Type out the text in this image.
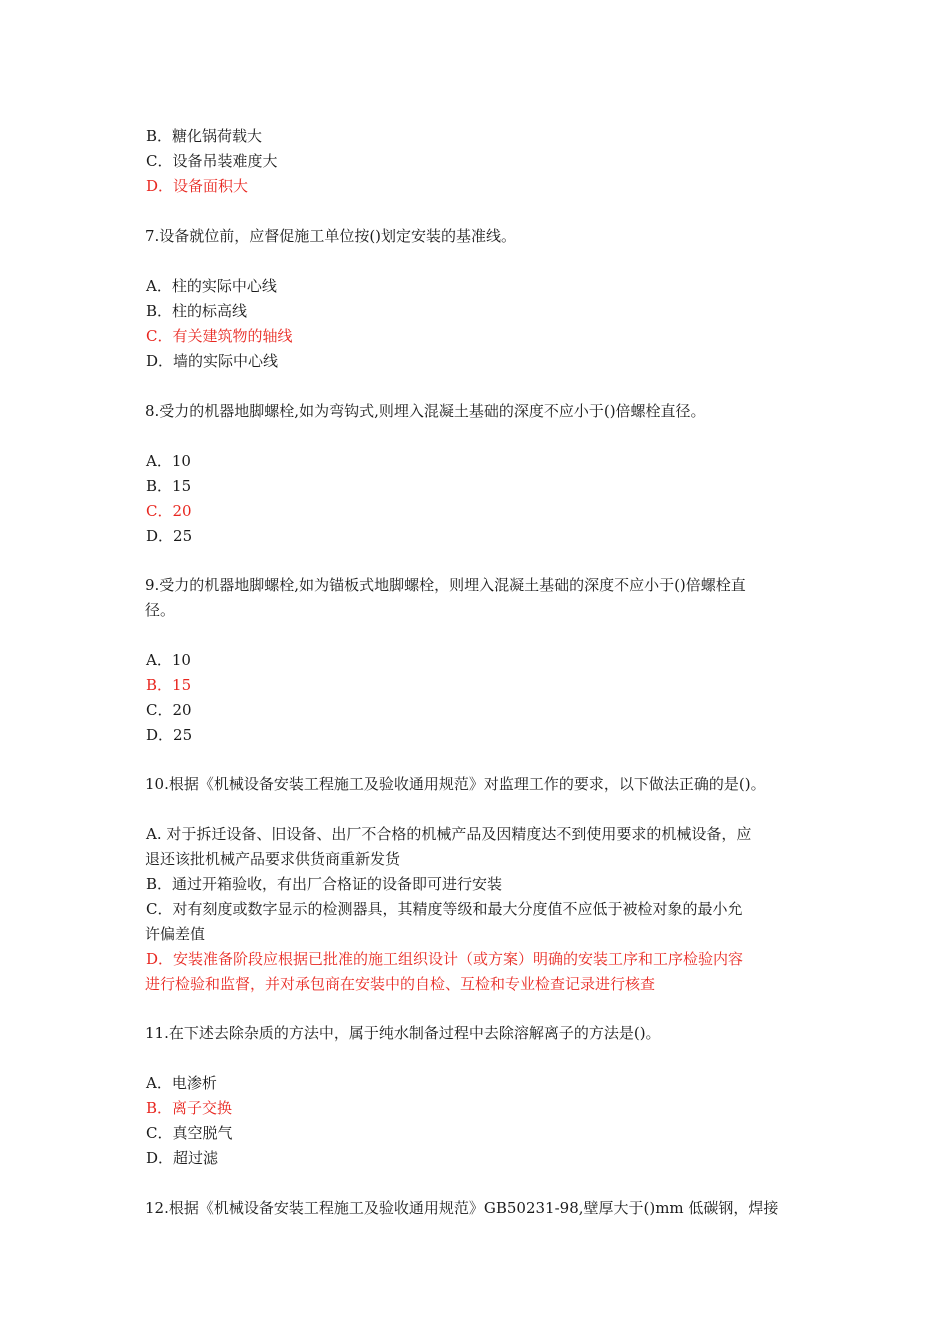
B．糖化锅荷载大
C．设备吊装难度大
D．设备面积大
7.设备就位前，应督促施工单位按()划定安装的基准线。
A．柱的实际中心线
B．柱的标高线
C．有关建筑物的轴线
D．墙的实际中心线
8.受力的机器地脚螺栓,如为弯钩式,则埋入混凝土基础的深度不应小于()倍螺栓直径。
A．10
B．15
C．20
D．25
9.受力的机器地脚螺栓,如为锚板式地脚螺栓，则埋入混凝土基础的深度不应小于()倍螺栓直
径。
A．10
B．15
C．20
D．25
10.根据《机械设备安装工程施工及验收通用规范》对监理工作的要求，以下做法正确的是()。
A. 对于拆迁设备、旧设备、出厂不合格的机械产品及因精度达不到使用要求的机械设备，应
退还该批机械产品要求供货商重新发货
B．通过开箱验收，有出厂合格证的设备即可进行安装
C．对有刻度或数字显示的检测器具，其精度等级和最大分度值不应低于被检对象的最小允
许偏差值
D．安装准备阶段应根据已批准的施工组织设计（或方案）明确的安装工序和工序检验内容
进行检验和监督，并对承包商在安装中的自检、互检和专业检查记录进行核查
11.在下述去除杂质的方法中，属于纯水制备过程中去除溶解离子的方法是()。
A．电渗析
B．离子交换
C．真空脱气
D．超过滤
12.根据《机械设备安装工程施工及验收通用规范》GB50231-98,壁厚大于()mm 低碳钢，焊接
